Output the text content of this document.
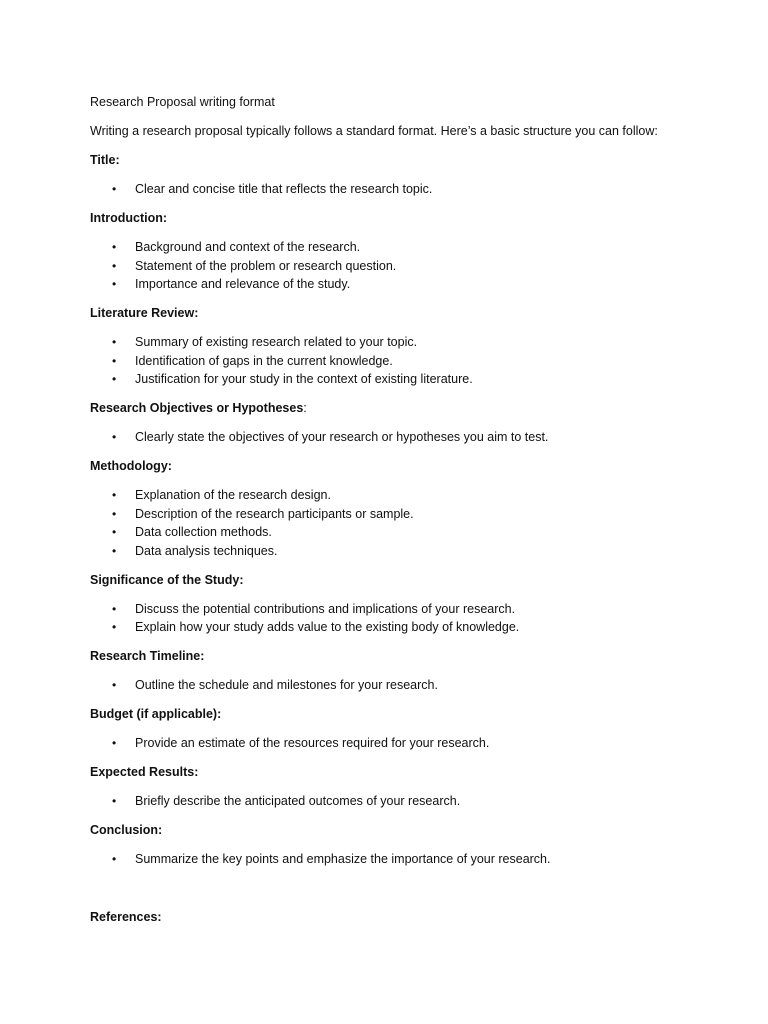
Research Proposal writing format
Writing a research proposal typically follows a standard format. Here’s a basic structure you can follow:
Title:
• Clear and concise title that reflects the research topic.
Introduction:
• Background and context of the research.
• Statement of the problem or research question.
• Importance and relevance of the study.
Literature Review:
• Summary of existing research related to your topic.
• Identification of gaps in the current knowledge.
• Justification for your study in the context of existing literature.
Research Objectives or Hypotheses:
• Clearly state the objectives of your research or hypotheses you aim to test.
Methodology:
• Explanation of the research design.
• Description of the research participants or sample.
• Data collection methods.
• Data analysis techniques.
Significance of the Study:
• Discuss the potential contributions and implications of your research.
• Explain how your study adds value to the existing body of knowledge.
Research Timeline:
• Outline the schedule and milestones for your research.
Budget (if applicable):
• Provide an estimate of the resources required for your research.
Expected Results:
• Briefly describe the anticipated outcomes of your research.
Conclusion:
• Summarize the key points and emphasize the importance of your research.
References:
